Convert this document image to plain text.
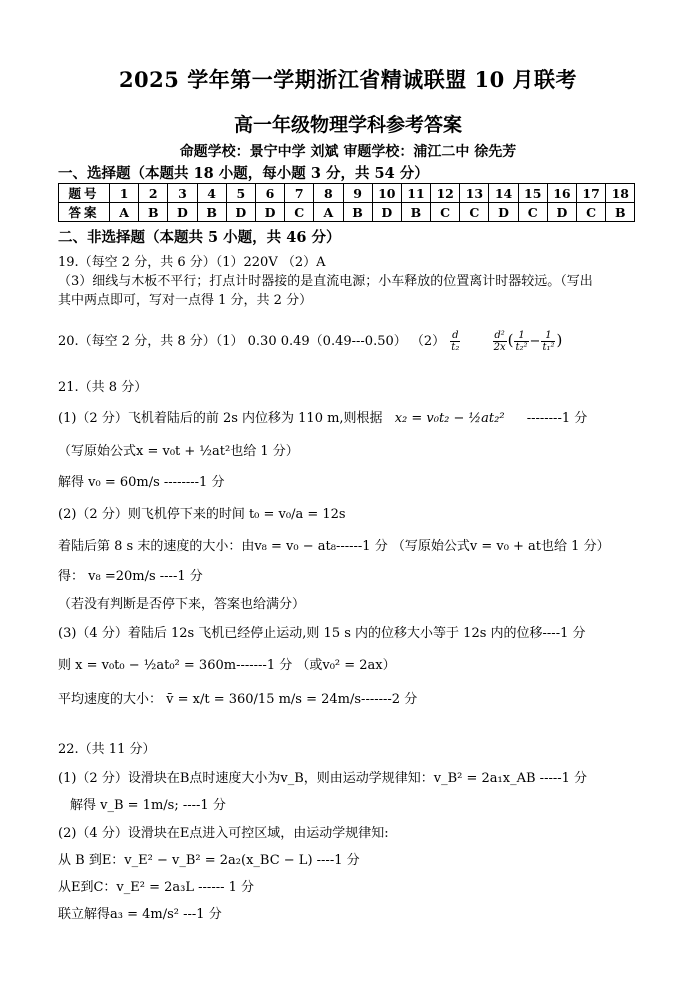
2025 学年第一学期浙江省精诚联盟 10 月联考
高一年级物理学科参考答案
命题学校：景宁中学 刘斌 审题学校：浦江二中 徐先芳
一、选择题（本题共 18 小题，每小题 3 分，共 54 分）
题号	1	2	3	4	5	6	7	8	9	10	11	12	13	14	15	16	17	18
答案	A	B	D	B	D	D	C	A	B	D	B	C	C	D	C	D	C	B
二、非选择题（本题共 5 小题，共 46 分）
19.（每空 2 分，共 6 分）（1）220V （2）A
（3）细线与木板不平行；打点计时器接的是直流电源；小车释放的位置离计时器较远。（写出
其中两点即可，写对一点得 1 分，共 2 分）
20.（每空 2 分，共 8 分）（1） 0.30 0.49（0.49---0.50） $(2) \frac{d}{\text{t₂}}$
	$\frac{\text{d²}}{2x}$ ( $\frac{1}{\text{t₂²}} - \frac{1}{\text{t₁²}}$ )
21.（共 8 分）
(1)（2 分）飞机着陆后的前 2s 内位移为 110 m,则根据 x₂ = v₀t₂ − ½at₂² --------1 分
（写原始公式x = v₀t + ½at²也给 1 分）
解得 v₀ = 60m/s --------1 分
(2)（2 分）则飞机停下来的时间 t₀ = v₀/a = 12s
着陆后第 8 s 末的速度的大小：由v₈ = v₀ − at₈------1 分 （写原始公式v = v₀ + at也给 1 分）
得： v₈ =20m/s ----1 分
（若没有判断是否停下来，答案也给满分）
(3)（4 分）着陆后 12s 飞机已经停止运动,则 15 s 内的位移大小等于 12s 内的位移----1 分
则 x = v₀t₀ − ½at₀² = 360m-------1 分 （或v₀² = 2ax）
平均速度的大小： v̄ = x/t = 360/15 m/s = 24m/s-------2 分
22.（共 11 分）
(1)（2 分）设滑块在B点时速度大小为v_B，则由运动学规律知：v_B² = 2a₁x_AB -----1 分
解得 v_B = 1m/s; ----1 分
(2)（4 分）设滑块在E点进入可控区域，由运动学规律知:
从 B 到E：v_E² − v_B² = 2a₂(x_BC − L) ----1 分
从E到C：v_E² = 2a₃L ------ 1 分
联立解得a₃ = 4m/s² ---1 分
